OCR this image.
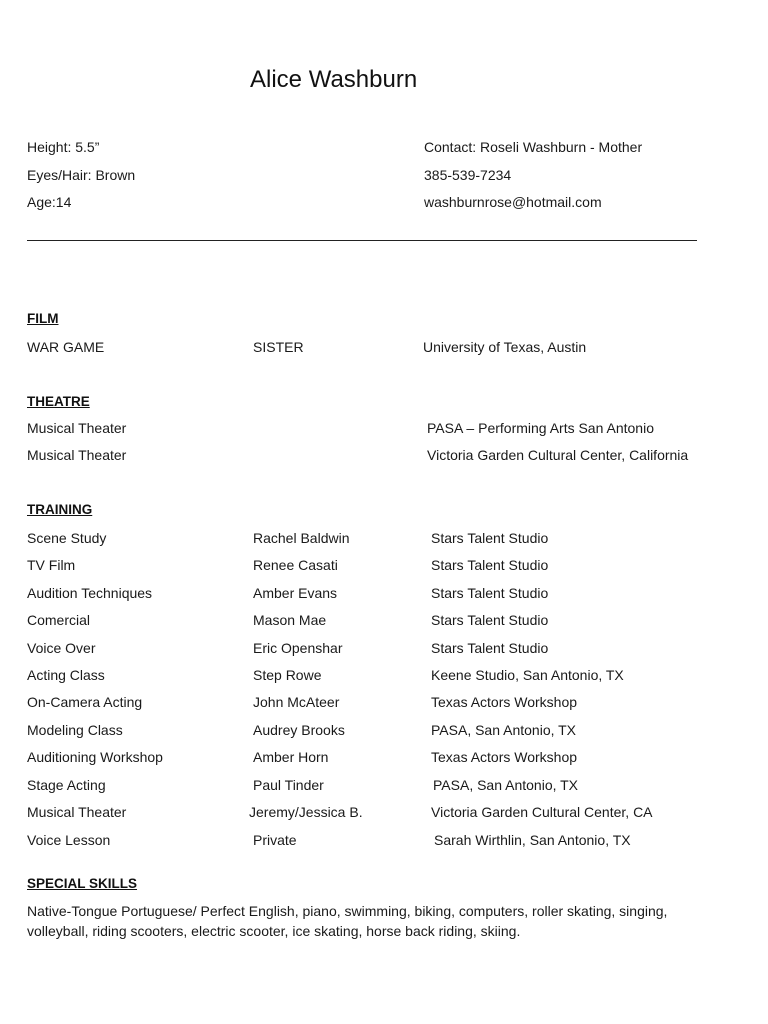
Alice Washburn
Height: 5.5”
Eyes/Hair: Brown
Age:14
Contact: Roseli Washburn - Mother
385-539-7234
washburnrose@hotmail.com
FILM
WAR GAME	SISTER	University of Texas, Austin
THEATRE
Musical Theater	PASA – Performing Arts San Antonio
Musical Theater	Victoria Garden Cultural Center, California
TRAINING
Scene Study	Rachel Baldwin	Stars Talent Studio
TV Film	Renee Casati	Stars Talent Studio
Audition Techniques	Amber Evans	Stars Talent Studio
Comercial	Mason Mae	Stars Talent Studio
Voice Over	Eric Openshar	Stars Talent Studio
Acting Class	Step Rowe	Keene Studio, San Antonio, TX
On-Camera Acting	John McAteer	Texas Actors Workshop
Modeling Class	Audrey Brooks	PASA, San Antonio, TX
Auditioning Workshop	Amber Horn	Texas Actors Workshop
Stage Acting	Paul Tinder	PASA, San Antonio, TX
Musical Theater	Jeremy/Jessica B.	Victoria Garden Cultural Center, CA
Voice Lesson	Private	Sarah Wirthlin, San Antonio, TX
SPECIAL SKILLS

Native-Tongue Portuguese/ Perfect English, piano, swimming, biking, computers, roller skating, singing, volleyball, riding scooters, electric scooter, ice skating, horse back riding, skiing.
